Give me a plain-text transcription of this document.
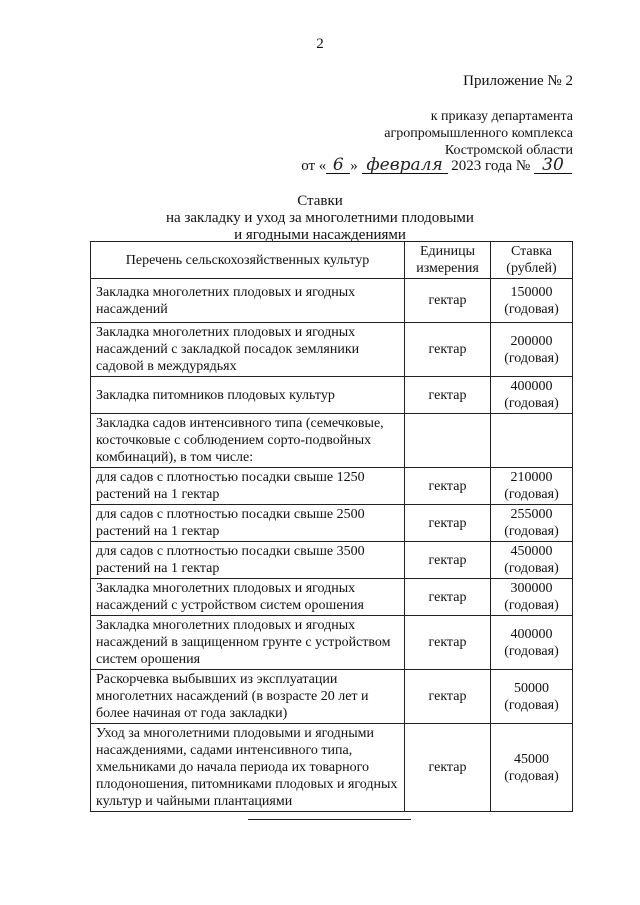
2
Приложение № 2
к приказу департамента
агропромышленного комплекса
Костромской области
от « 6 » февраля 2023 года № 30
Ставки
на закладку и уход за многолетними плодовыми
и ягодными насаждениями
Перечень сельскохозяйственных культур	Единицы измерения	Ставка (рублей)
Закладка многолетних плодовых и ягодных насаждений	гектар	150000 (годовая)
Закладка многолетних плодовых и ягодных насаждений с закладкой посадок земляники садовой в междурядьях	гектар	200000 (годовая)
Закладка питомников плодовых культур	гектар	400000 (годовая)
Закладка садов интенсивного типа (семечковые, косточковые с соблюдением сорто-подвойных комбинаций), в том числе:		
для садов с плотностью посадки свыше 1250 растений на 1 гектар	гектар	210000 (годовая)
для садов с плотностью посадки свыше 2500 растений на 1 гектар	гектар	255000 (годовая)
для садов с плотностью посадки свыше 3500 растений на 1 гектар	гектар	450000 (годовая)
Закладка многолетних плодовых и ягодных насаждений с устройством систем орошения	гектар	300000 (годовая)
Закладка многолетних плодовых и ягодных насаждений в защищенном грунте с устройством систем орошения	гектар	400000 (годовая)
Раскорчевка выбывших из эксплуатации многолетних насаждений (в возрасте 20 лет и более начиная от года закладки)	гектар	50000 (годовая)
Уход за многолетними плодовыми и ягодными насаждениями, садами интенсивного типа, хмельниками до начала периода их товарного плодоношения, питомниками плодовых и ягодных культур и чайными плантациями	гектар	45000 (годовая)
